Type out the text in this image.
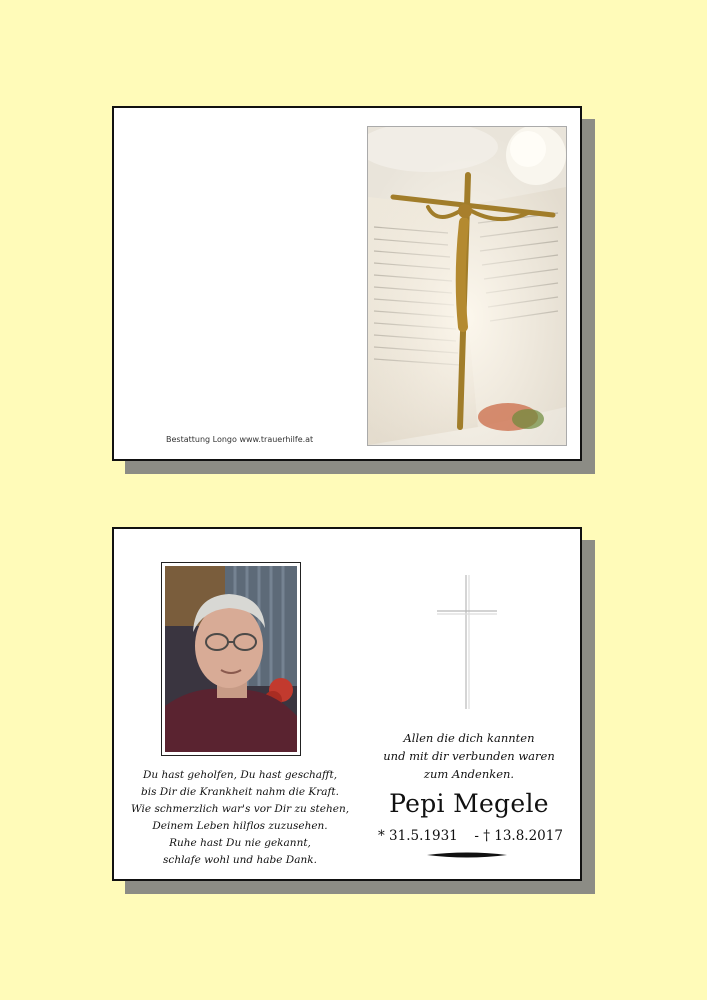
Bestattung Longo www.trauerhilfe.at
Du hast geholfen, Du hast geschafft,
bis Dir die Krankheit nahm die Kraft.
Wie schmerzlich war's vor Dir zu stehen,
Deinem Leben hilflos zuzusehen.
Ruhe hast Du nie gekannt,
schlafe wohl und habe Dank.
Allen die dich kannten
und mit dir verbunden waren
zum Andenken.
Pepi Megele
* 31.5.1931 - † 13.8.2017
